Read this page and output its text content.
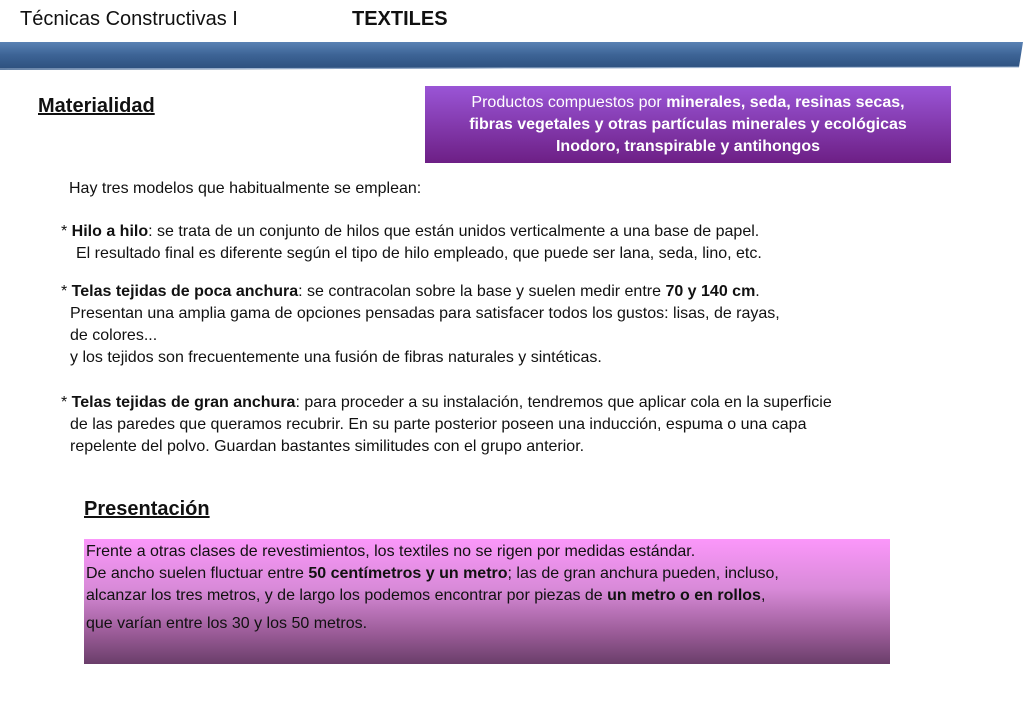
Técnicas Constructivas I	TEXTILES
Materialidad	Productos compuestos por minerales, seda, resinas secas,
fibras vegetales y otras partículas minerales y ecológicas
Inodoro, transpirable y antihongos
Hay tres modelos que habitualmente se emplean:
* Hilo a hilo: se trata de un conjunto de hilos que están unidos verticalmente a una base de papel.
El resultado final es diferente según el tipo de hilo empleado, que puede ser lana, seda, lino, etc.
* Telas tejidas de poca anchura: se contracolan sobre la base y suelen medir entre 70 y 140 cm.
Presentan una amplia gama de opciones pensadas para satisfacer todos los gustos: lisas, de rayas,
de colores...
y los tejidos son frecuentemente una fusión de fibras naturales y sintéticas.
* Telas tejidas de gran anchura: para proceder a su instalación, tendremos que aplicar cola en la superficie
de las paredes que queramos recubrir. En su parte posterior poseen una inducción, espuma o una capa
repelente del polvo. Guardan bastantes similitudes con el grupo anterior.
Presentación
Frente a otras clases de revestimientos, los textiles no se rigen por medidas estándar.
De ancho suelen fluctuar entre 50 centímetros y un metro; las de gran anchura pueden, incluso,
alcanzar los tres metros, y de largo los podemos encontrar por piezas de un metro o en rollos,
que varían entre los 30 y los 50 metros.
